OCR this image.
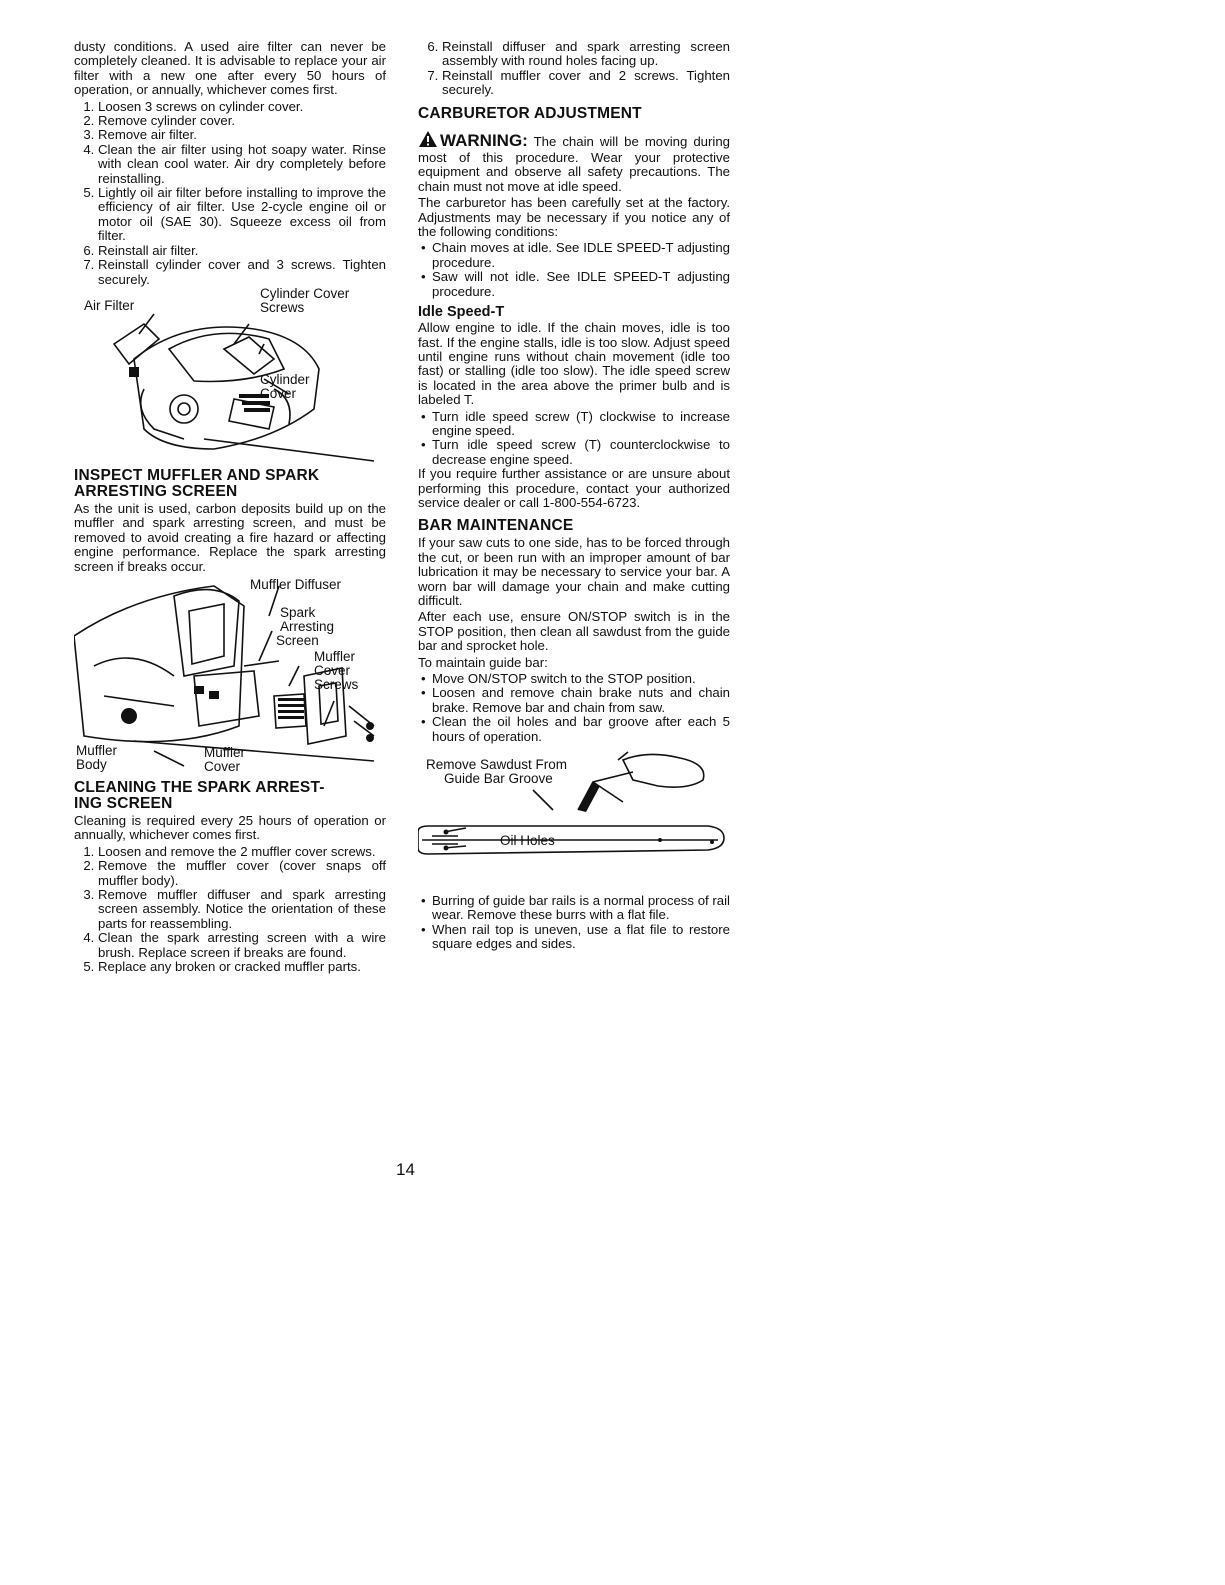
dusty conditions. A used aire filter can never be completely cleaned. It is advisable to replace your air filter with a new one after every 50 hours of operation, or annually, whichever comes first.

1. Loosen 3 screws on cylinder cover.
2. Remove cylinder cover.
3. Remove air filter.
4. Clean the air filter using hot soapy water. Rinse with clean cool water. Air dry completely before reinstalling.
5. Lightly oil air filter before installing to improve the efficiency of air filter. Use 2-cycle engine oil or motor oil (SAE 30). Squeeze excess oil from filter.
6. Reinstall air filter.
7. Reinstall cylinder cover and 3 screws. Tighten securely.
Air Filter
Cylinder Cover
Screws
Cylinder
Cover
INSPECT MUFFLER AND SPARK
ARRESTING SCREEN

As the unit is used, carbon deposits build up on the muffler and spark arresting screen, and must be removed to avoid creating a fire hazard or affecting engine performance. Replace the spark arresting screen if breaks occur.

Muffler Diffuser
Spark
Arresting
Screen
Muffler
Cover
Screws
Muffler
Body
Muffler
Cover
CLEANING THE SPARK ARREST-
ING SCREEN

Cleaning is required every 25 hours of operation or annually, whichever comes first.

1. Loosen and remove the 2 muffler cover screws.
2. Remove the muffler cover (cover snaps off muffler body).
3. Remove muffler diffuser and spark arresting screen assembly. Notice the orientation of these parts for reassembling.
4. Clean the spark arresting screen with a wire brush. Replace screen if breaks are found.
5. Replace any broken or cracked muffler parts.
6. Reinstall diffuser and spark arresting screen assembly with round holes facing up.
7. Reinstall muffler cover and 2 screws. Tighten securely.
CARBURETOR ADJUSTMENT

WARNING: The chain will be moving during most of this procedure. Wear your protective equipment and observe all safety precautions. The chain must not move at idle speed.

The carburetor has been carefully set at the factory. Adjustments may be necessary if you notice any of the following conditions:

• Chain moves at idle. See IDLE SPEED-T adjusting procedure.
• Saw will not idle. See IDLE SPEED-T adjusting procedure.
Idle Speed-T

Allow engine to idle. If the chain moves, idle is too fast. If the engine stalls, idle is too slow. Adjust speed until engine runs without chain movement (idle too fast) or stalling (idle too slow). The idle speed screw is located in the area above the primer bulb and is labeled T.

• Turn idle speed screw (T) clockwise to increase engine speed.
• Turn idle speed screw (T) counterclockwise to decrease engine speed.

If you require further assistance or are unsure about performing this procedure, contact your authorized service dealer or call 1-800-554-6723.

BAR MAINTENANCE

If your saw cuts to one side, has to be forced through the cut, or been run with an improper amount of bar lubrication it may be necessary to service your bar. A worn bar will damage your chain and make cutting difficult.

After each use, ensure ON/STOP switch is in the STOP position, then clean all sawdust from the guide bar and sprocket hole.

To maintain guide bar:

• Move ON/STOP switch to the STOP position.
• Loosen and remove chain brake nuts and chain brake. Remove bar and chain from saw.
• Clean the oil holes and bar groove after each 5 hours of operation.
Remove Sawdust From
Guide Bar Groove
Oil Holes
• Burring of guide bar rails is a normal process of rail wear. Remove these burrs with a flat file.
• When rail top is uneven, use a flat file to restore square edges and sides.
14
